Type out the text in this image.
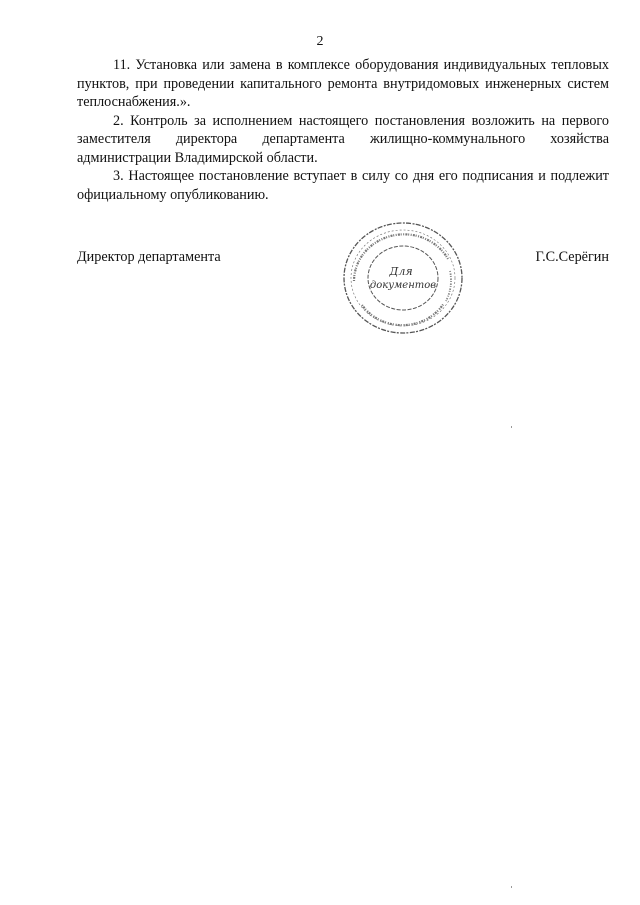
2

11. Установка или замена в комплексе оборудования индивидуальных тепловых пунктов, при проведении капитального ремонта внутридомовых инженерных систем теплоснабжения.».

2. Контроль за исполнением настоящего постановления возложить на первого заместителя директора департамента жилищно-коммунального хозяйства администрации Владимирской области.

3. Настоящее постановление вступает в силу со дня его подписания и подлежит официальному опубликованию.

Директор департамента
Для
документов
Г.С.Серёгин
